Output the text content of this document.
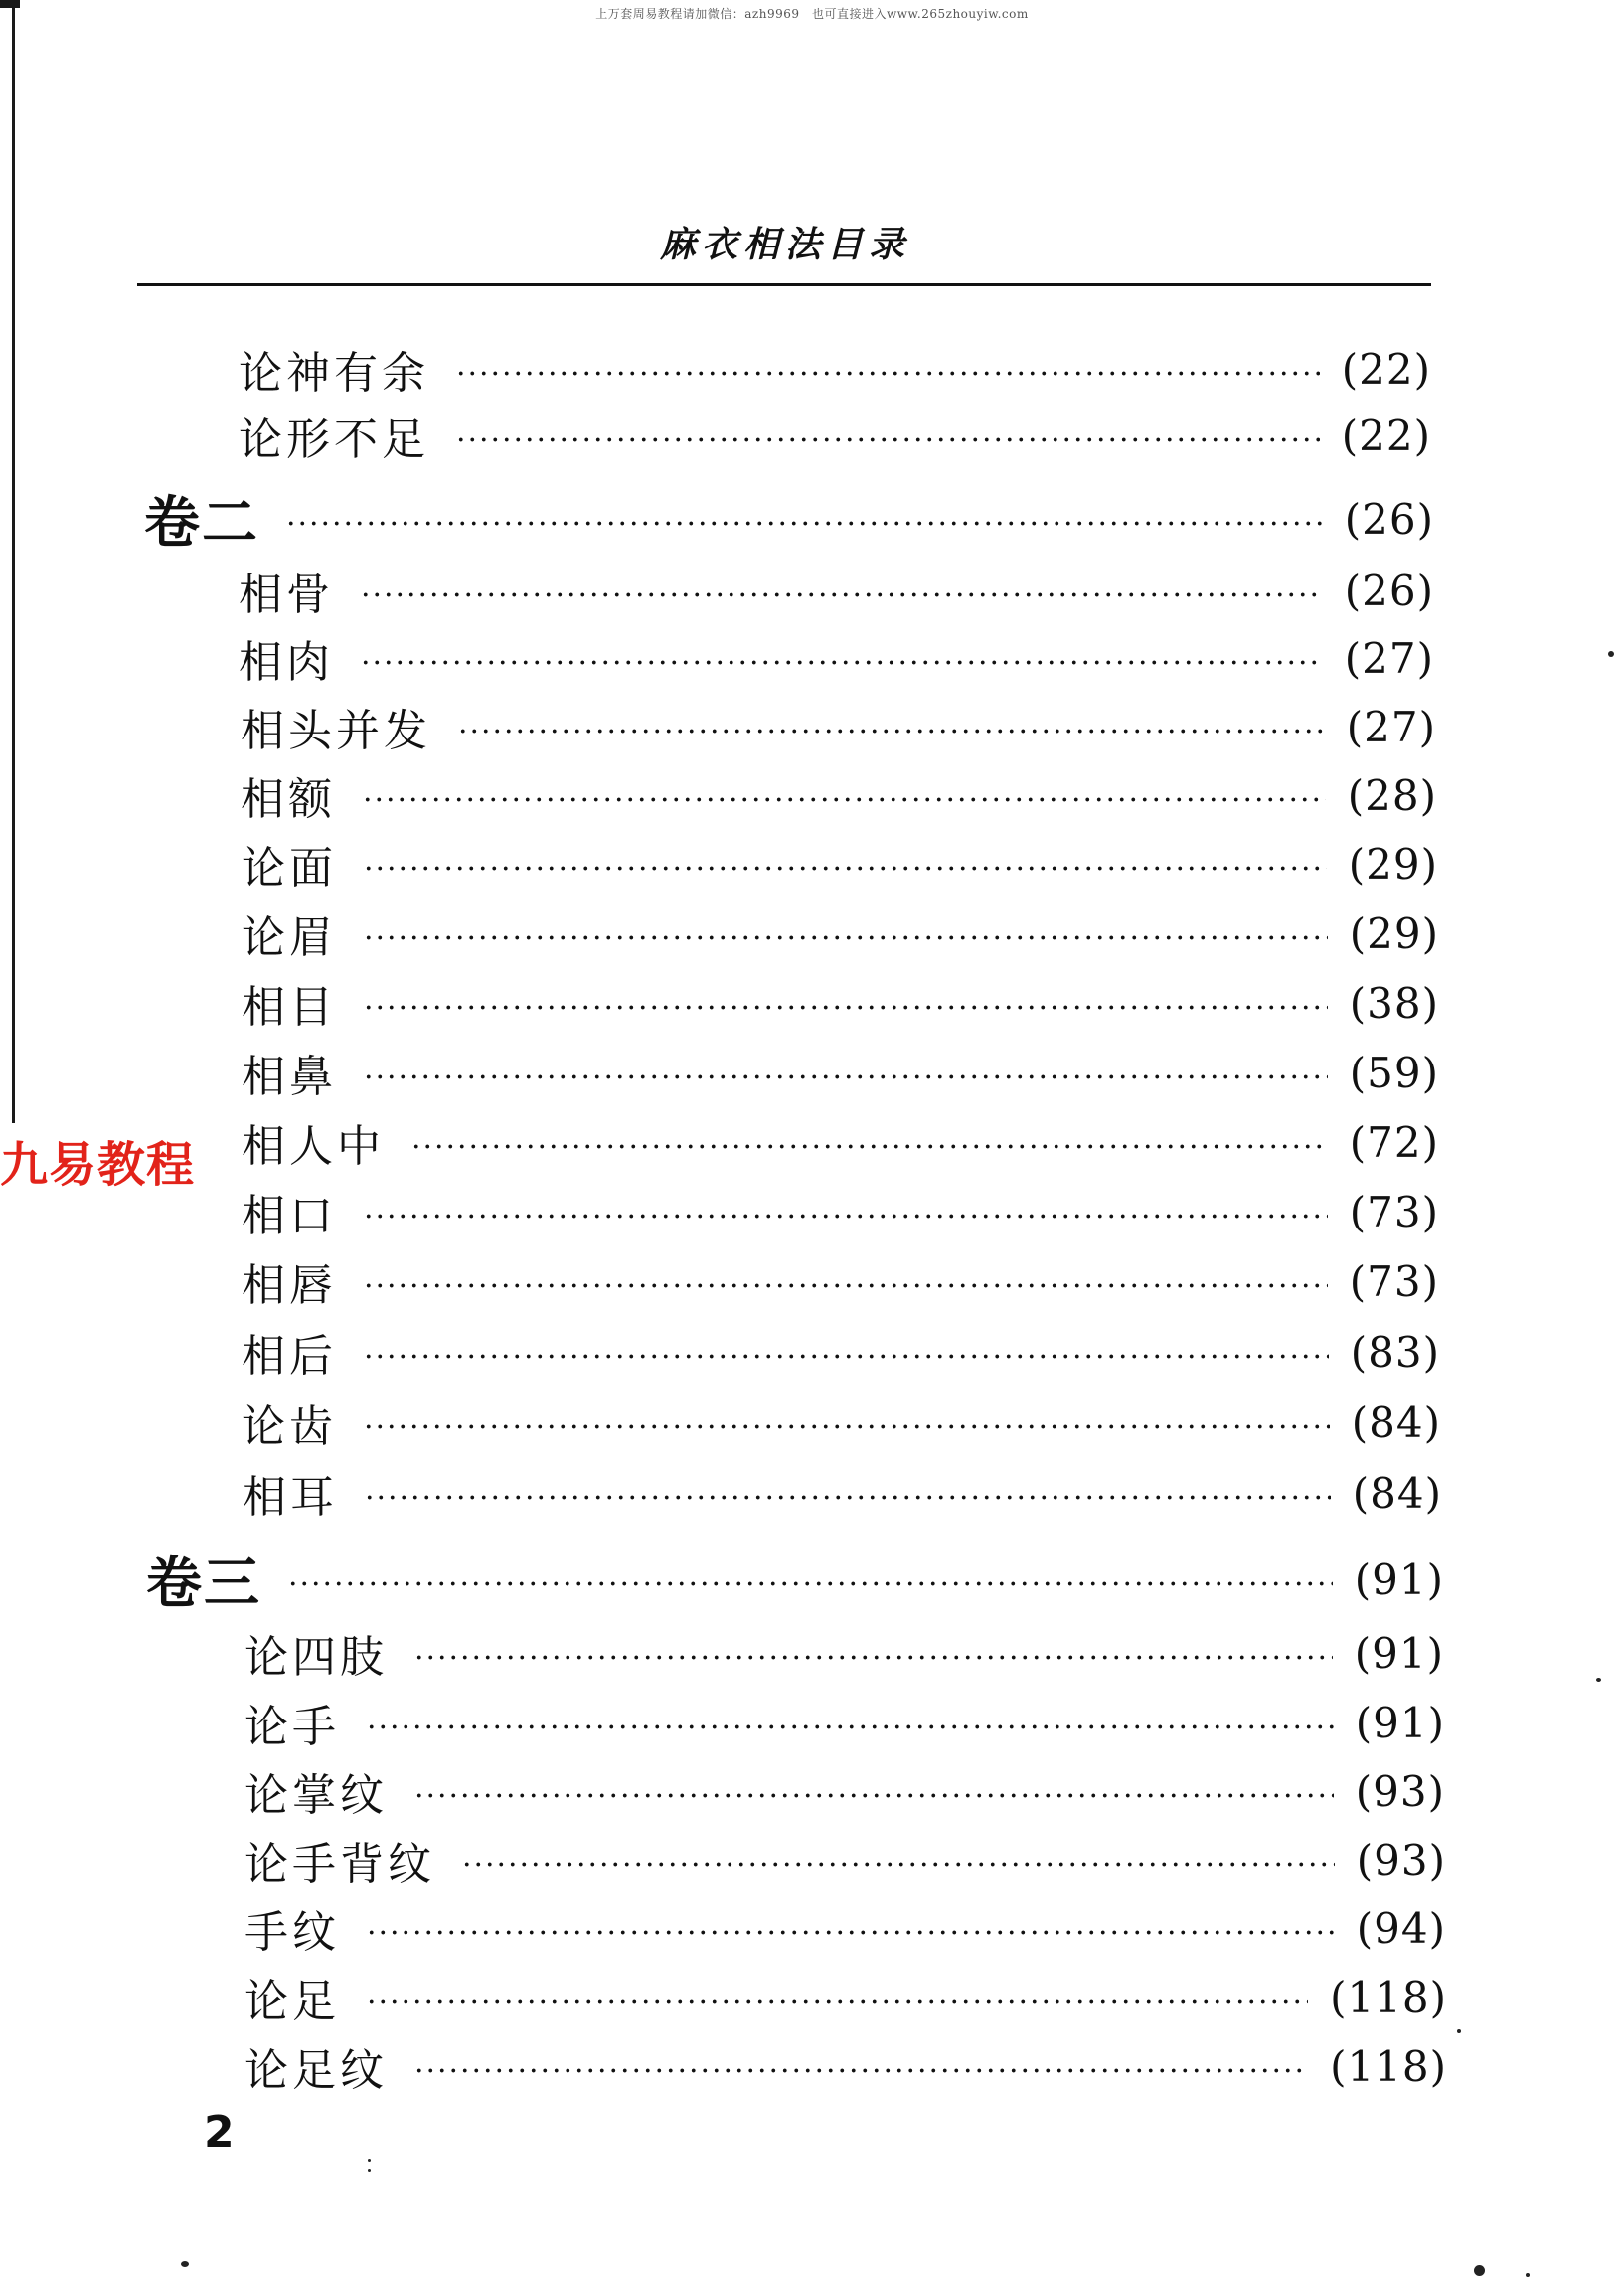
上万套周易教程请加微信：azh9969　也可直接进入www.265zhouyiw.com
麻衣相法目录
论神有余	(22)
论形不足	(22)
卷二	(26)
相骨	(26)
相肉	(27)
相头并发	(27)
相额	(28)
论面	(29)
论眉	(29)
相目	(38)
相鼻	(59)
相人中	(72)
相口	(73)
相唇	(73)
相后	(83)
论齿	(84)
相耳	(84)
卷三	(91)
论四肢	(91)
论手	(91)
论掌纹	(93)
论手背纹	(93)
手纹	(94)
论足	(118)
论足纹	(118)
九易教程
2
